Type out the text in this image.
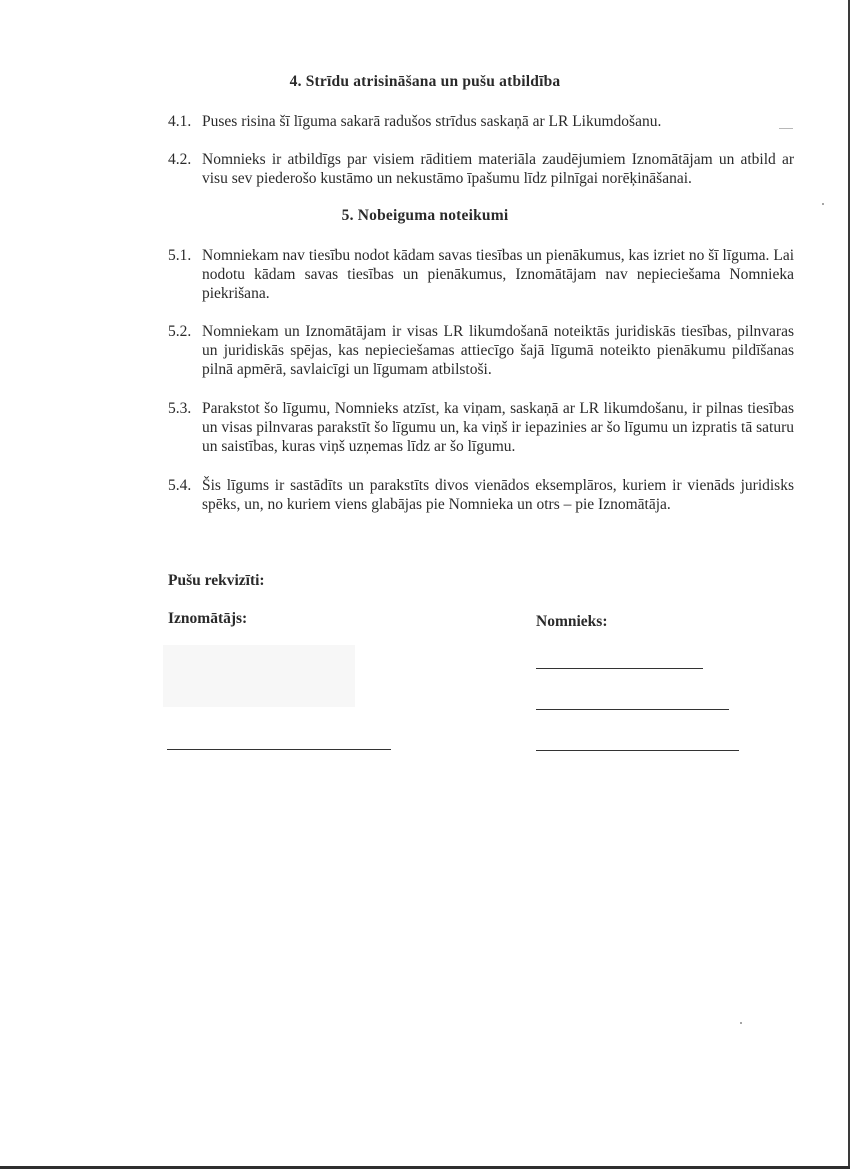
4. Strīdu atrisināšana un pušu atbildība
4.1. Puses risina šī līguma sakarā radušos strīdus saskaņā ar LR Likumdošanu.
4.2. Nomnieks ir atbildīgs par visiem rāditiem materiāla zaudējumiem Iznomātājam un atbild ar visu sev piederošo kustāmo un nekustāmo īpašumu līdz pilnīgai norēķināšanai.
5. Nobeiguma noteikumi
5.1. Nomniekam nav tiesību nodot kādam savas tiesības un pienākumus, kas izriet no šī līguma. Lai nodotu kādam savas tiesības un pienākumus, Iznomātājam nav nepieciešama Nomnieka piekrišana.
5.2. Nomniekam un Iznomātājam ir visas LR likumdošanā noteiktās juridiskās tiesības, pilnvaras un juridiskās spējas, kas nepieciešamas attiecīgo šajā līgumā noteikto pienākumu pildīšanas pilnā apmērā, savlaicīgi un līgumam atbilstoši.
5.3. Parakstot šo līgumu, Nomnieks atzīst, ka viņam, saskaņā ar LR likumdošanu, ir pilnas tiesības un visas pilnvaras parakstīt šo līgumu un, ka viņš ir iepazinies ar šo līgumu un izpratis tā saturu un saistības, kuras viņš uzņemas līdz ar šo līgumu.
5.4. Šis līgums ir sastādīts un parakstīts divos vienādos eksemplāros, kuriem ir vienāds juridisks spēks, un, no kuriem viens glabājas pie Nomnieka un otrs – pie Iznomātāja.
Pušu rekvizīti:
Iznomātājs:	Nomnieks:
